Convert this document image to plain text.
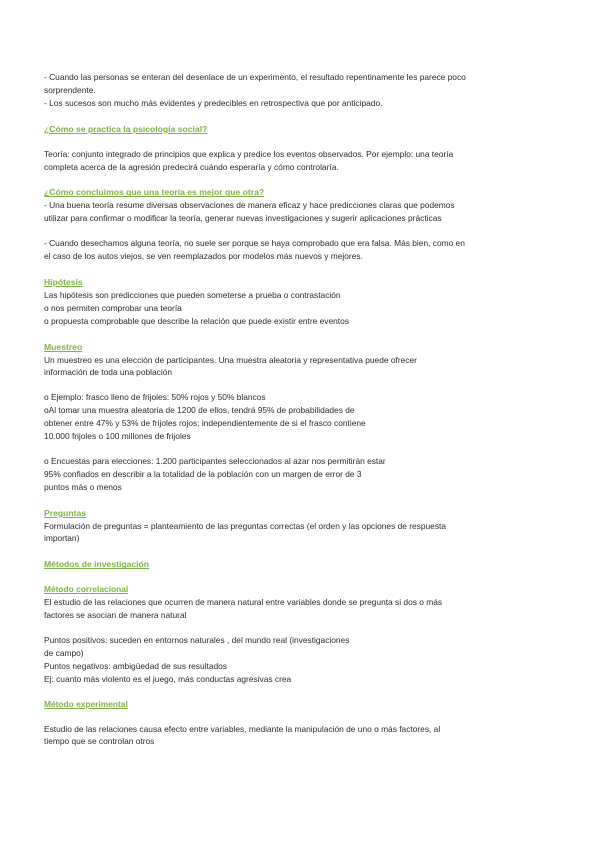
- Cuando las personas se enteran del desenlace de un experimento, el resultado repentinamente les parece poco

sorprendente.

- Los sucesos son mucho más evidentes y predecibles en retrospectiva que por anticipado.

¿Cómo se practica la psicología social?

Teoría: conjunto integrado de principios que explica y predice los eventos observados. Por ejemplo: una teoría

completa acerca de la agresión predecirá cuándo esperaría y cómo controlaría.

¿Cómo concluimos que una teoría es mejor que otra?

- Una buena teoría resume diversas observaciones de manera eficaz y hace predicciones claras que podemos

utilizar para confirmar o modificar la teoría, generar nuevas investigaciones y sugerir aplicaciones prácticas

- Cuando desechamos alguna teoría, no suele ser porque se haya comprobado que era falsa. Más bien, como en

el caso de los autos viejos, se ven reemplazados por modelos más nuevos y mejores.

Hipótesis

Las hipótesis son predicciones que pueden someterse a prueba o contrastación

o nos permiten comprobar una teoría

o propuesta comprobable que describe la relación que puede existir entre eventos

Muestreo

Un muestreo es una elección de participantes. Una muestra aleatoria y representativa puede ofrecer

información de toda una población

o Ejemplo: frasco lleno de frijoles: 50% rojos y 50% blancos

oAl tomar una muestra aleatoria de 1200 de ellos, tendrá 95% de probabilidades de

obtener entre 47% y 53% de frijoles rojos; independientemente de si el frasco contiene

10.000 frijoles o 100 millones de frijoles

o Encuestas para elecciones: 1.200 participantes seleccionados al azar nos permitirán estar

95% confiados en describir a la totalidad de la población con un margen de error de 3

puntos más o menos

Preguntas

Formulación de preguntas = planteamiento de las preguntas correctas (el orden y las opciones de respuesta

importan)

Métodos de investigación
Método correlacional

El estudio de las relaciones que ocurren de manera natural entre variables donde se pregunta si dos o más

factores se asocian de manera natural

Puntos positivos: suceden en entornos naturales , del mundo real (investigaciones

de campo)

Puntos negativos: ambigüedad de sus resultados

Ej: cuanto más violento es el juego, más conductas agresivas crea

Método experimental

Estudio de las relaciones causa efecto entre variables, mediante la manipulación de uno o más factores, al

tiempo que se controlan otros
